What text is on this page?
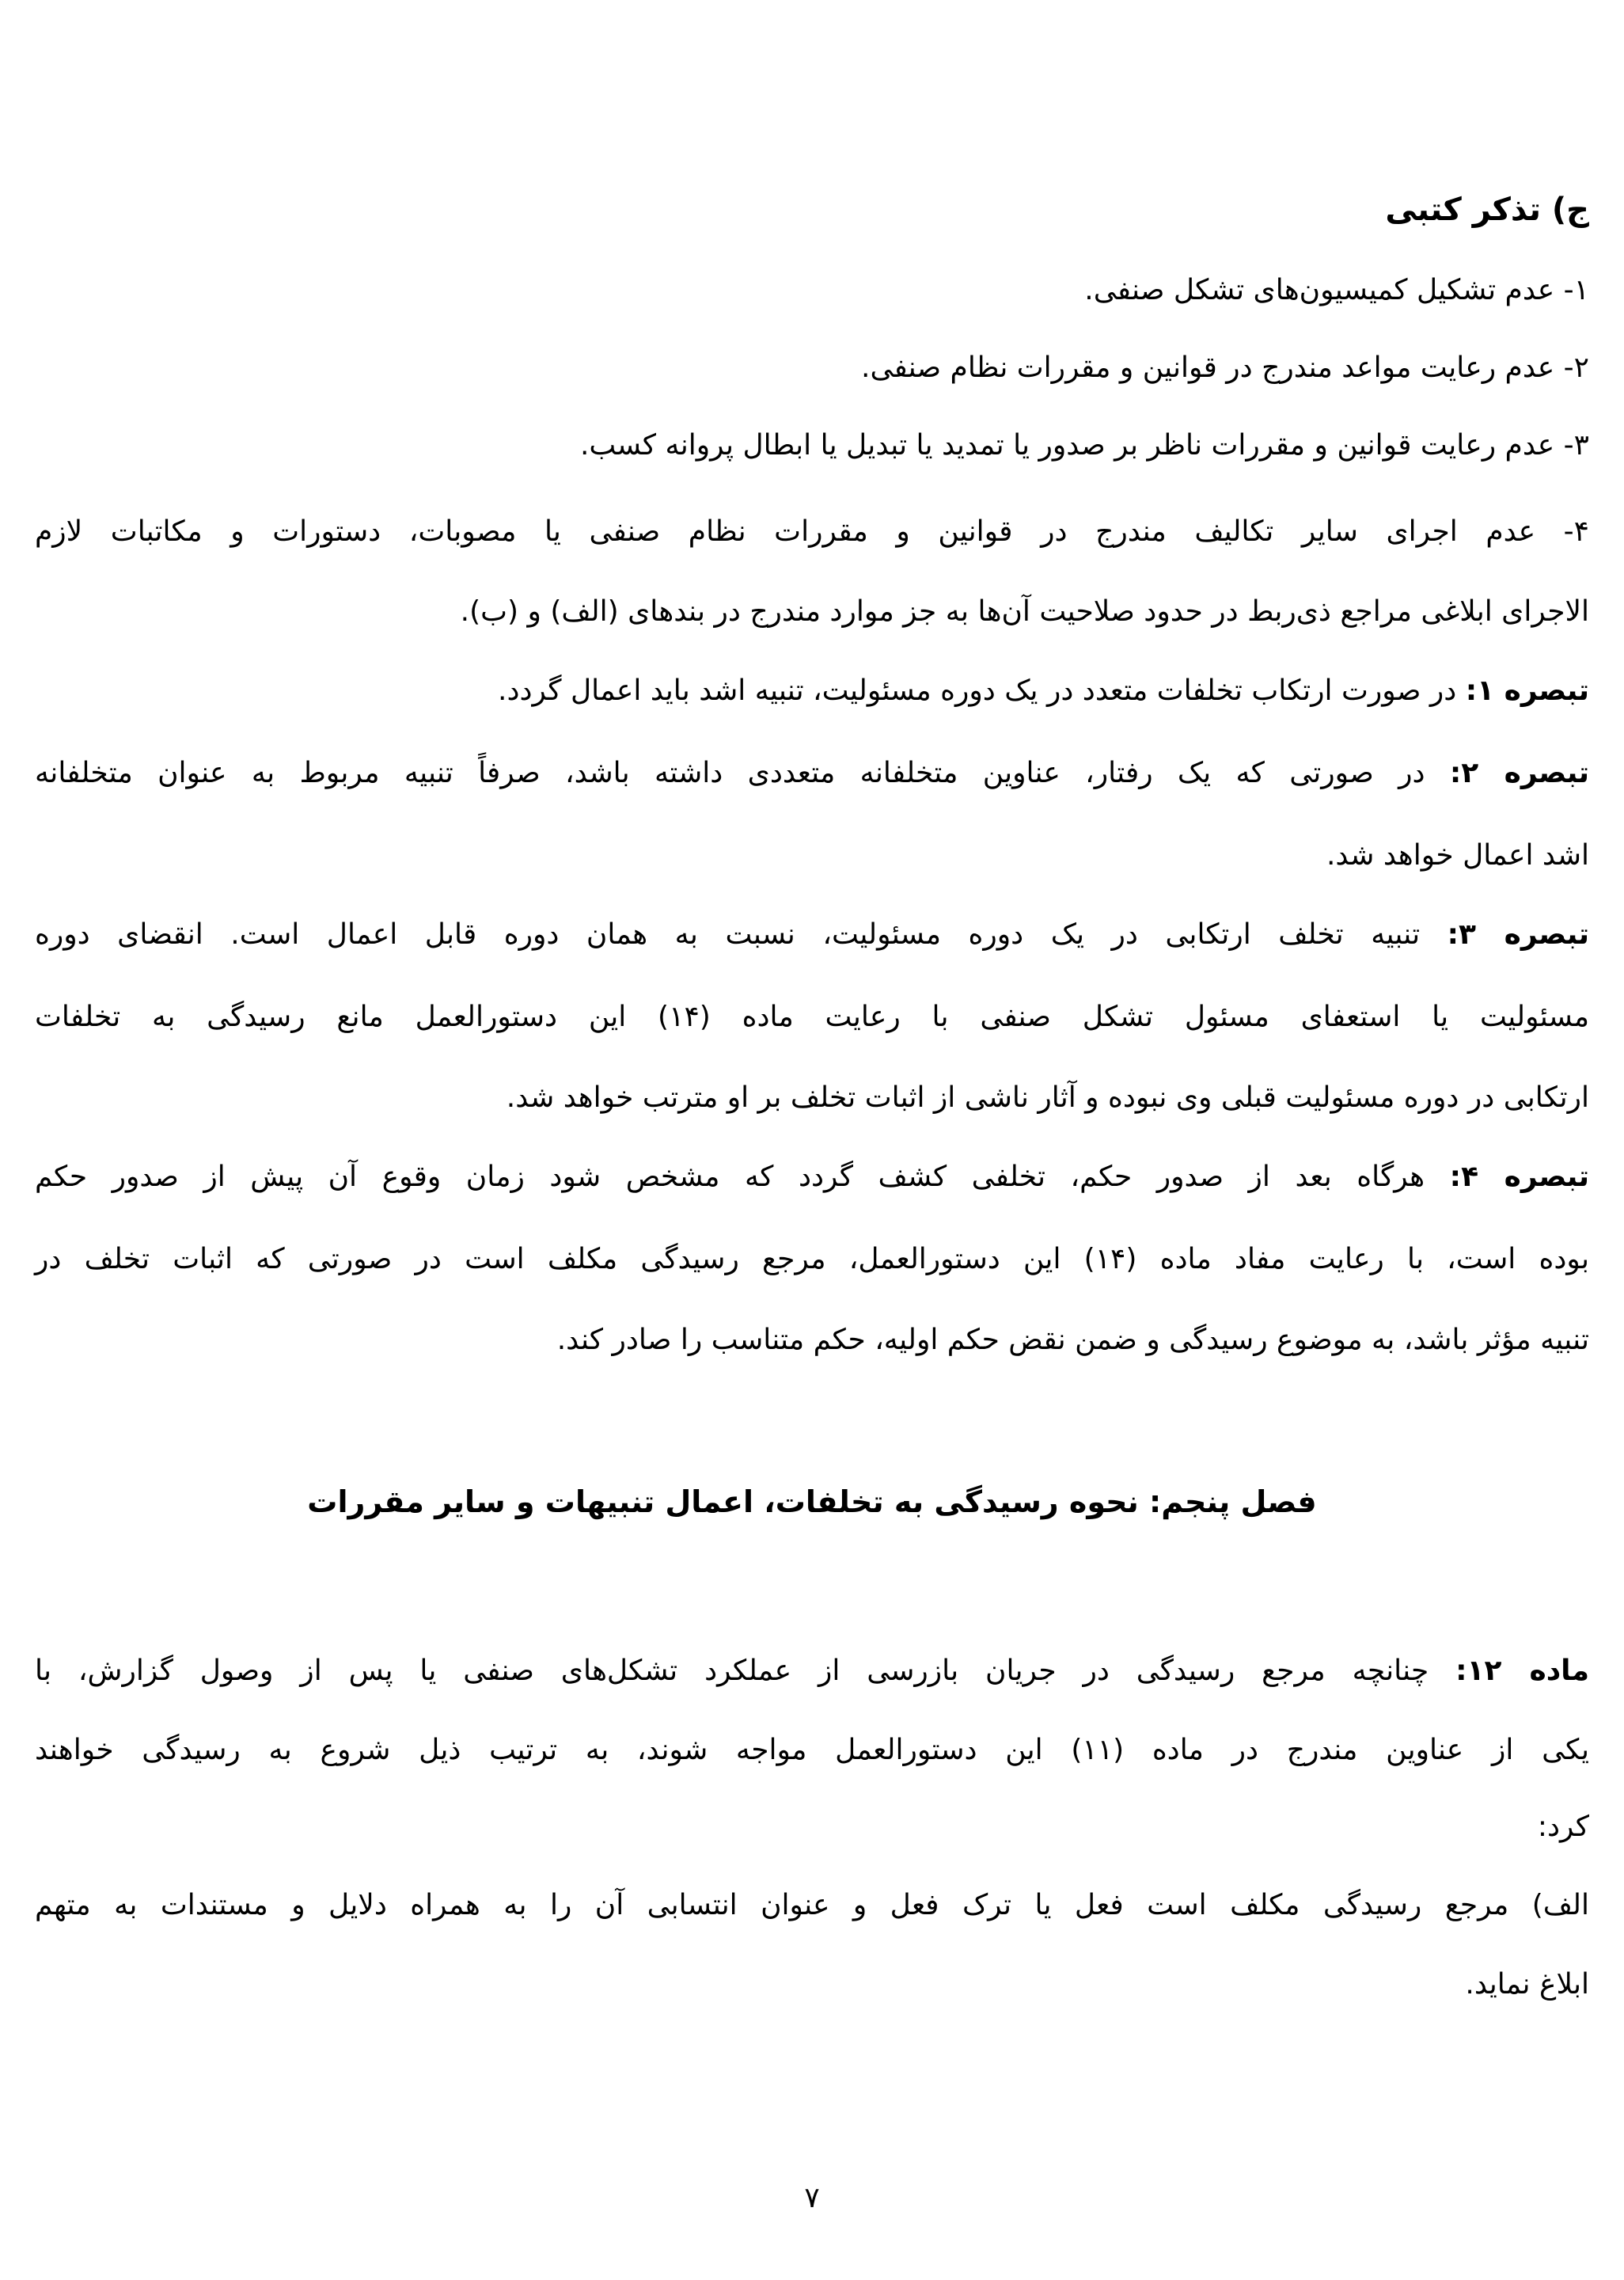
ج) تذکر کتبی
۱- عدم تشکیل کمیسیون‌های تشکل صنفی.
۲- عدم رعایت مواعد مندرج در قوانین و مقررات نظام صنفی.
۳- عدم رعایت قوانین و مقررات ناظر بر صدور یا تمدید یا تبدیل یا ابطال پروانه کسب.
۴- عدم اجرای سایر تکالیف مندرج در قوانین و مقررات نظام صنفی یا مصوبات، دستورات و مکاتبات لازم
الاجرای ابلاغی مراجع ذی‌ربط در حدود صلاحیت آن‌ها به جز موارد مندرج در بندهای (الف) و (ب).
تبصره ۱: در صورت ارتکاب تخلفات متعدد در یک دوره مسئولیت، تنبیه اشد باید اعمال گردد.
تبصره ۲: در صورتی که یک رفتار، عناوین متخلفانه متعددی داشته باشد، صرفاً تنبیه مربوط به عنوان متخلفانه
اشد اعمال خواهد شد.
تبصره ۳: تنبیه تخلف ارتکابی در یک دوره مسئولیت، نسبت به همان دوره قابل اعمال است. انقضای دوره
مسئولیت یا استعفای مسئول تشکل صنفی با رعایت ماده (۱۴) این دستورالعمل مانع رسیدگی به تخلفات
ارتکابی در دوره مسئولیت قبلی وی نبوده و آثار ناشی از اثبات تخلف بر او مترتب خواهد شد.
تبصره ۴: هرگاه بعد از صدور حکم، تخلفی کشف گردد که مشخص شود زمان وقوع آن پیش از صدور حکم
بوده است، با رعایت مفاد ماده (۱۴) این دستورالعمل، مرجع رسیدگی مکلف است در صورتی که اثبات تخلف در
تنبیه مؤثر باشد، به موضوع رسیدگی و ضمن نقض حکم اولیه، حکم متناسب را صادر کند.
فصل پنجم: نحوه رسیدگی به تخلفات، اعمال تنبیهات و سایر مقررات
ماده ۱۲: چنانچه مرجع رسیدگی در جریان بازرسی از عملکرد تشکل‌های صنفی یا پس از وصول گزارش، با
یکی از عناوین مندرج در ماده (۱۱) این دستورالعمل مواجه شوند، به ترتیب ذیل شروع به رسیدگی خواهند
کرد:
الف) مرجع رسیدگی مکلف است فعل یا ترک فعل و عنوان انتسابی آن را به همراه دلایل و مستندات به متهم
ابلاغ نماید.
۷
